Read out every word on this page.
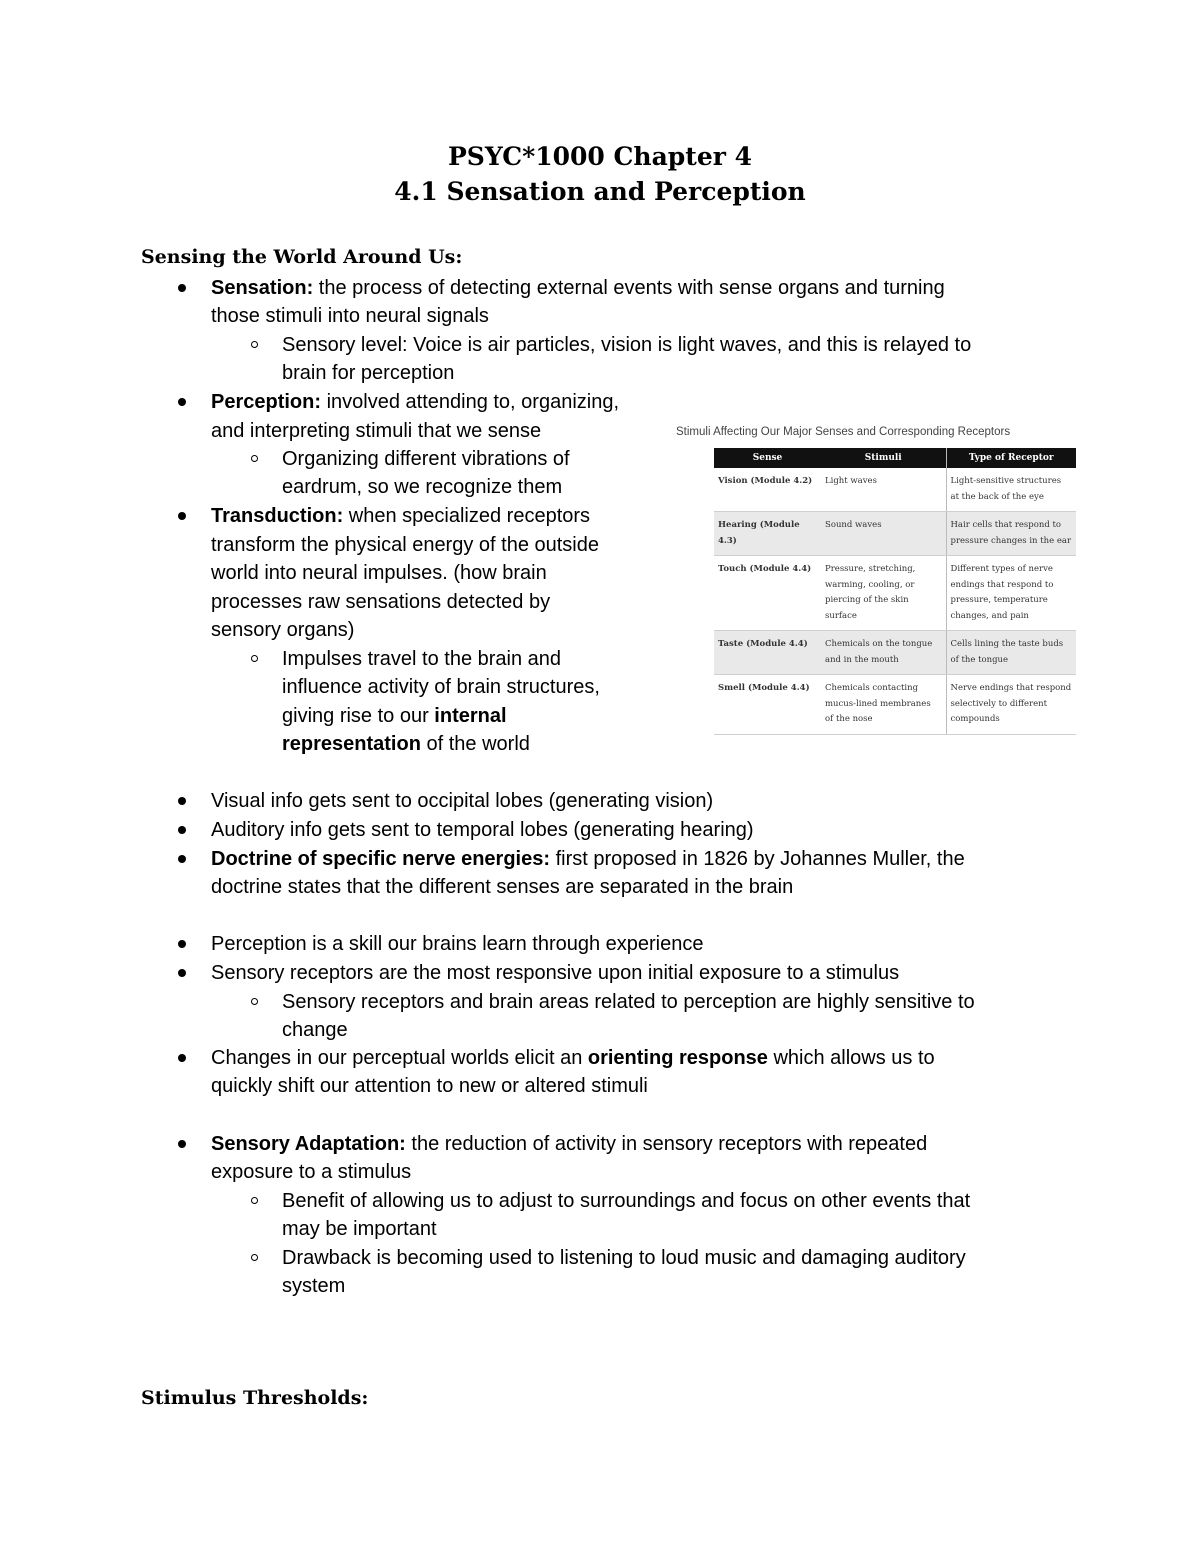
PSYC*1000 Chapter 4
4.1 Sensation and Perception
Sensing the World Around Us:
Sensation: the process of detecting external events with sense organs and turning
those stimuli into neural signals
Sensory level: Voice is air particles, vision is light waves, and this is relayed to
brain for perception
Perception: involved attending to, organizing,
and interpreting stimuli that we sense
Organizing different vibrations of
eardrum, so we recognize them
Transduction: when specialized receptors
transform the physical energy of the outside
world into neural impulses. (how brain
processes raw sensations detected by
sensory organs)
Impulses travel to the brain and
influence activity of brain structures,
giving rise to our internal
representation of the world
Visual info gets sent to occipital lobes (generating vision)
Auditory info gets sent to temporal lobes (generating hearing)
Doctrine of specific nerve energies: first proposed in 1826 by Johannes Muller, the
doctrine states that the different senses are separated in the brain
Perception is a skill our brains learn through experience
Sensory receptors are the most responsive upon initial exposure to a stimulus
Sensory receptors and brain areas related to perception are highly sensitive to
change
Changes in our perceptual worlds elicit an orienting response which allows us to
quickly shift our attention to new or altered stimuli
Sensory Adaptation: the reduction of activity in sensory receptors with repeated
exposure to a stimulus
Benefit of allowing us to adjust to surroundings and focus on other events that
may be important
Drawback is becoming used to listening to loud music and damaging auditory
system
Stimulus Thresholds:
Stimuli Affecting Our Major Senses and Corresponding Receptors
Sense	Stimuli	Type of Receptor
Vision (Module 4.2)	Light waves	Light-sensitive structures at the back of the eye
Hearing (Module 4.3)	Sound waves	Hair cells that respond to pressure changes in the ear
Touch (Module 4.4)	Pressure, stretching, warming, cooling, or piercing of the skin surface	Different types of nerve endings that respond to pressure, temperature changes, and pain
Taste (Module 4.4)	Chemicals on the tongue and in the mouth	Cells lining the taste buds of the tongue
Smell (Module 4.4)	Chemicals contacting mucus-lined membranes of the nose	Nerve endings that respond selectively to different compounds
